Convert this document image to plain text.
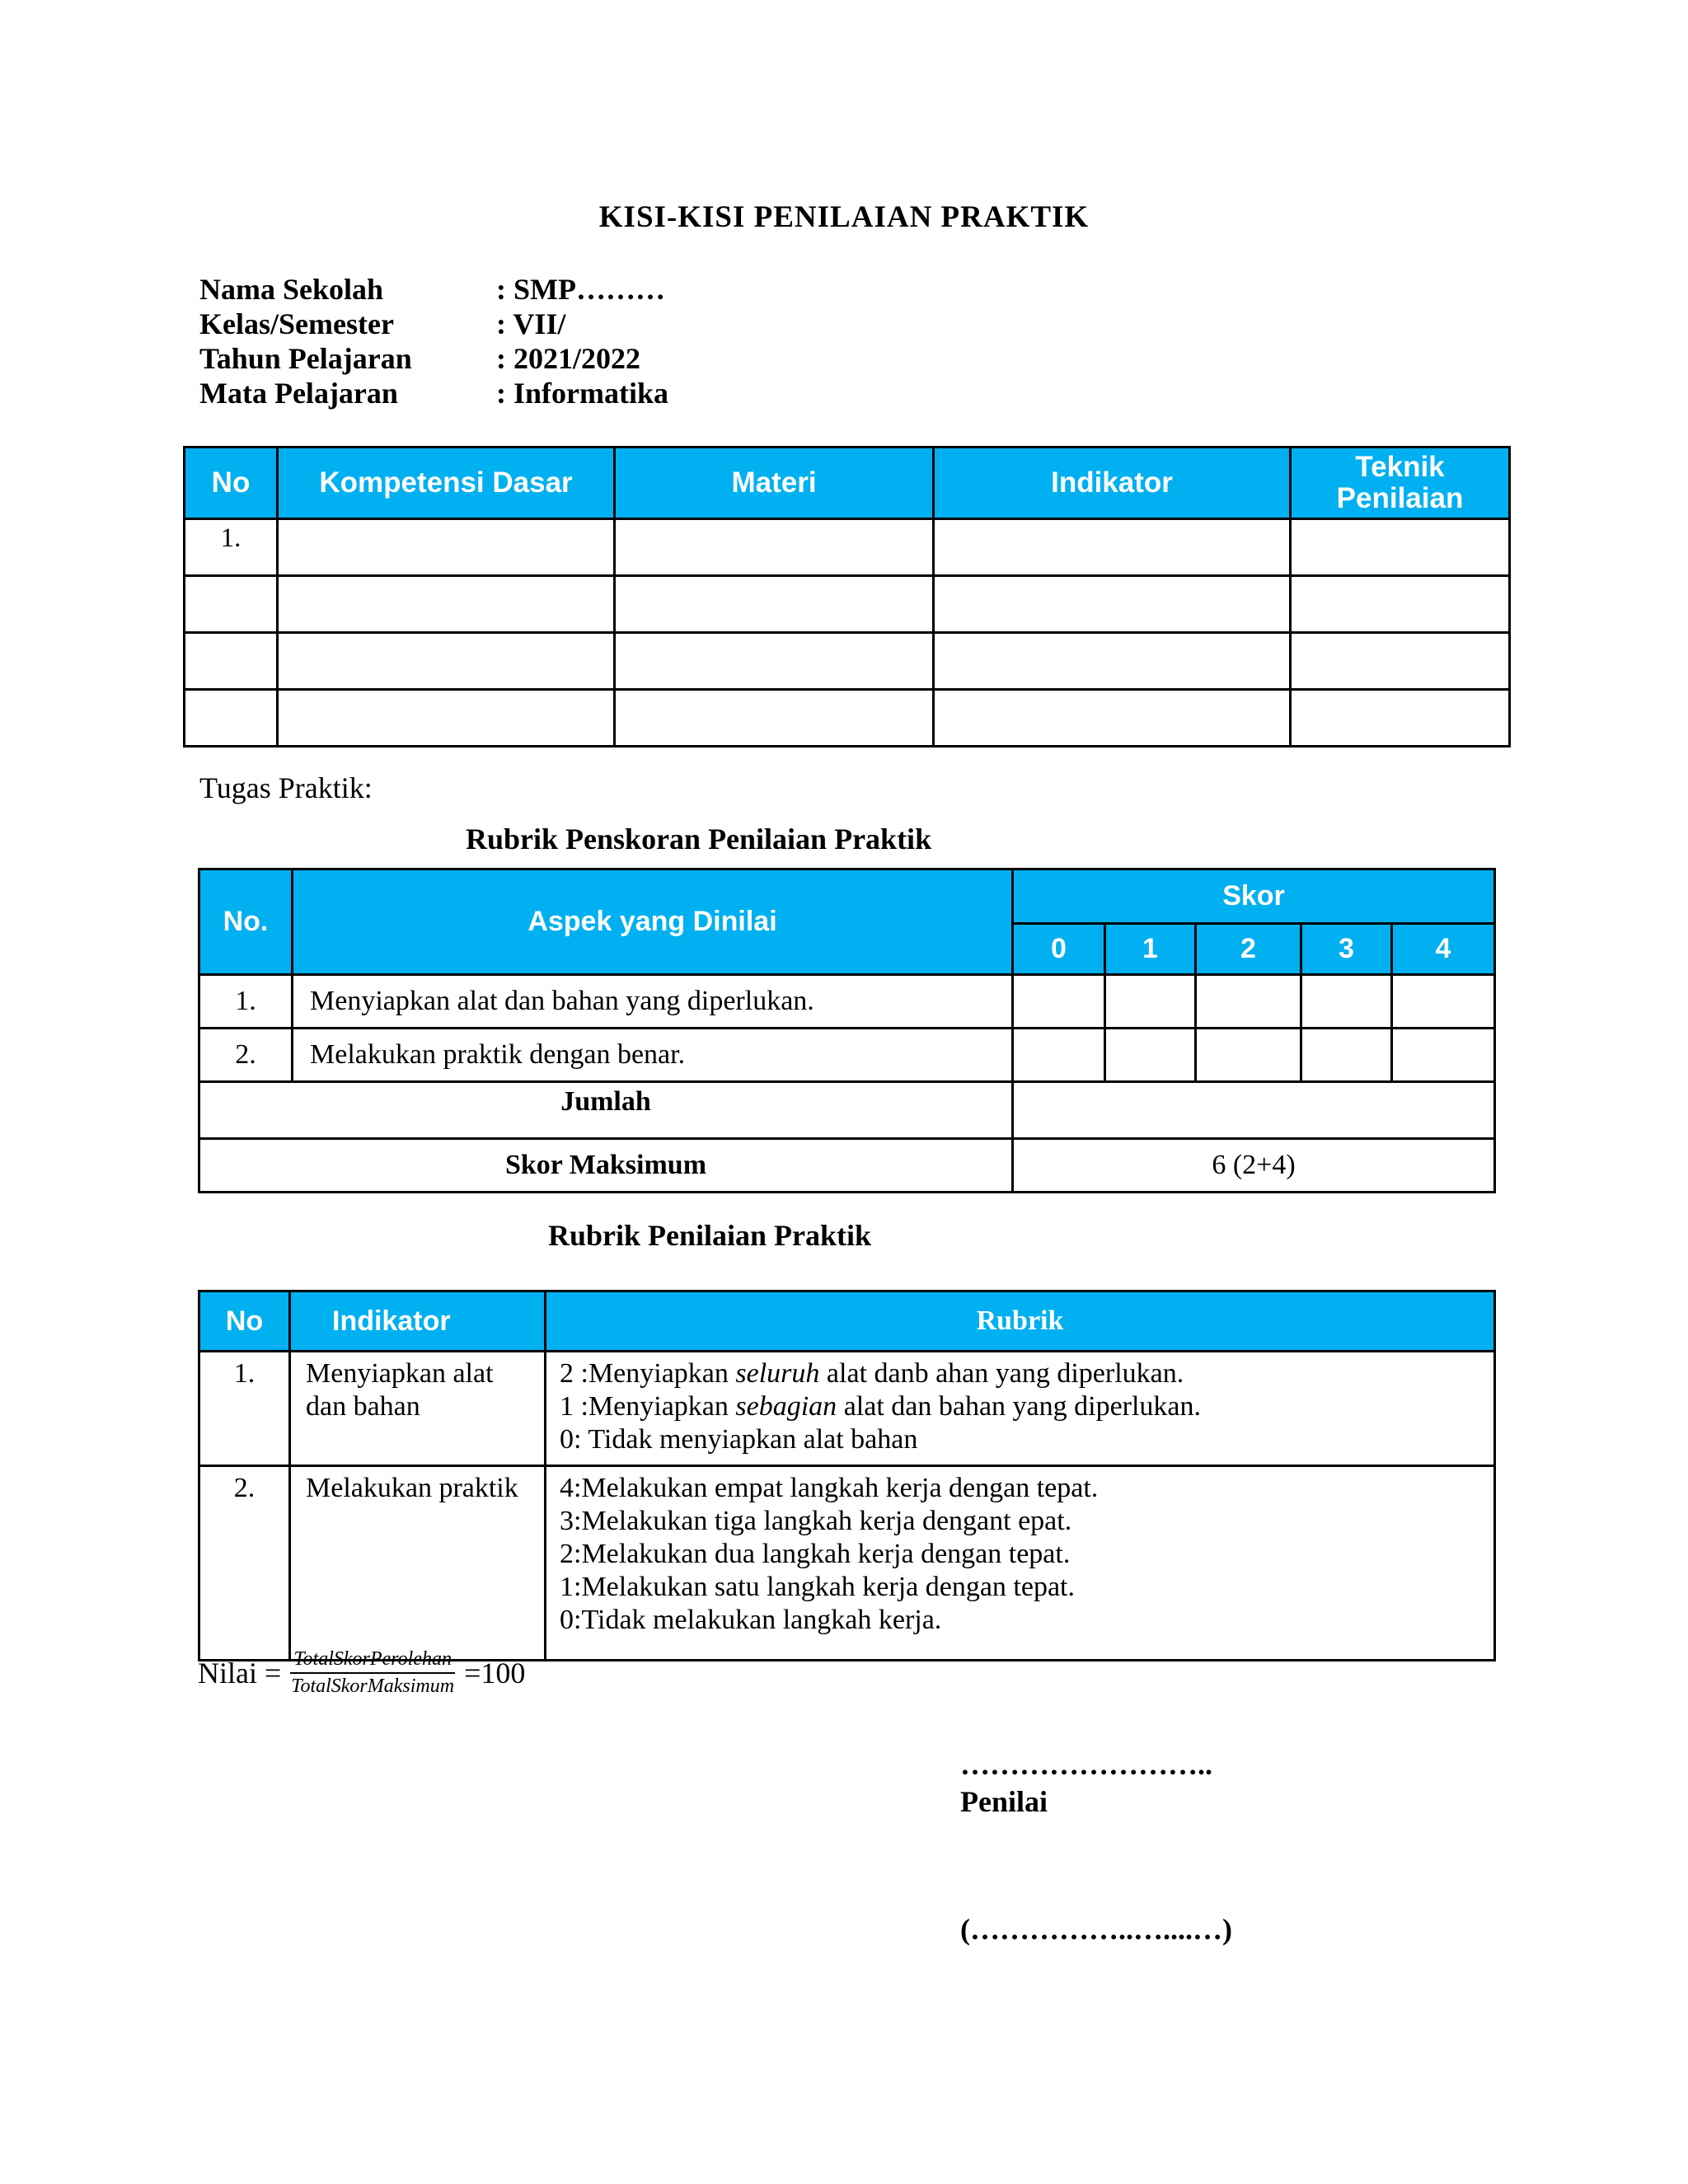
KISI-KISI PENILAIAN PRAKTIK
Nama Sekolah	: SMP………
Kelas/Semester	: VII/
Tahun Pelajaran	: 2021/2022
Mata Pelajaran	: Informatika
No	Kompetensi Dasar	Materi	Indikator	Teknik
Penilaian
1.				

Tugas Praktik:
Rubrik Penskoran Penilaian Praktik
No.	Aspek yang Dinilai	Skor				
		0	1	2	3	4
1.	Menyiapkan alat dan bahan yang diperlukan.					
2.	Melakukan praktik dengan benar.					
Jumlah						
Skor Maksimum		6 (2+4)				
Rubrik Penilaian Praktik
No	Indikator	Rubrik
1.	Menyiapkan alat dan bahan	2 :Menyiapkan seluruh alat danb ahan yang diperlukan.
1 :Menyiapkan sebagian alat dan bahan yang diperlukan.
0: Tidak menyiapkan alat bahan

2.	Melakukan praktik	4:Melakukan empat langkah kerja dengan tepat.
3:Melakukan tiga langkah kerja dengant epat.
2:Melakukan dua langkah kerja dengan tepat.
1:Melakukan satu langkah kerja dengan tepat.
0:Tidak melakukan langkah kerja.
Nilai = $\frac{\text{TotalSkorPerolehan}}{\text{TotalSkorMaksimum}} =100$
……………………..
Penilai
(……………..…....…)
